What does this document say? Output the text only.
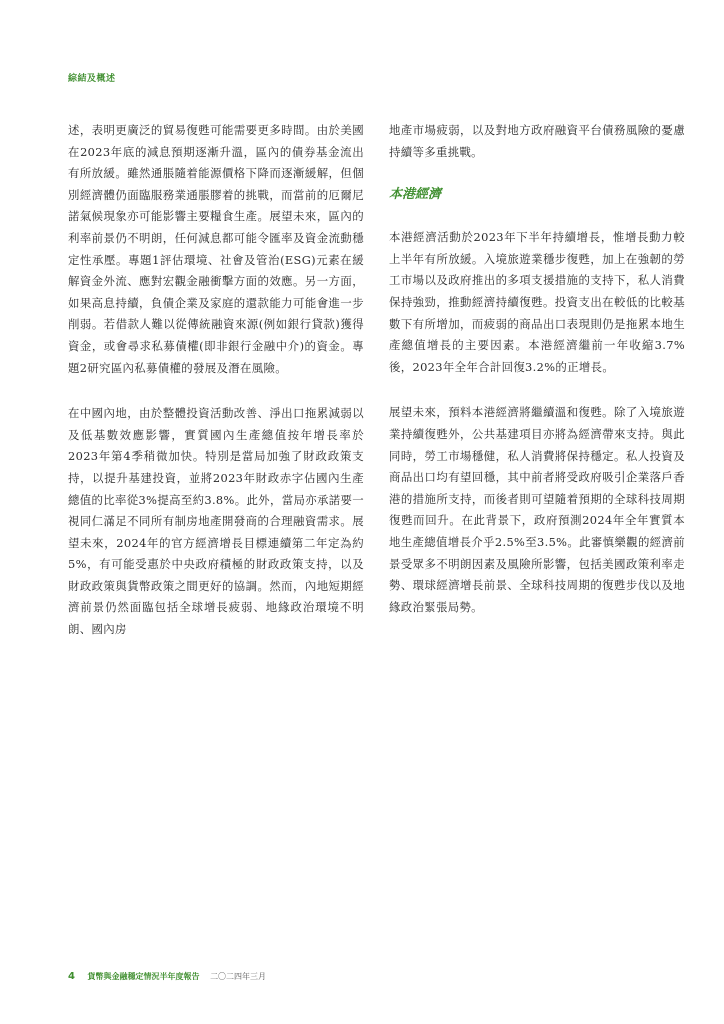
綜結及概述

述，表明更廣泛的貿易復甦可能需要更多時間。由於美國在2023年底的減息預期逐漸升溫，區內的債券基金流出有所放緩。雖然通脹隨着能源價格下降而逐漸緩解，但個別經濟體仍面臨服務業通脹膠着的挑戰，而當前的厄爾尼諾氣候現象亦可能影響主要糧食生產。展望未來，區內的利率前景仍不明朗，任何減息都可能令匯率及資金流動穩定性承壓。專題1評估環境、社會及管治(ESG)元素在緩解資金外流、應對宏觀金融衝擊方面的效應。另一方面，如果高息持續，負債企業及家庭的還款能力可能會進一步削弱。若借款人難以從傳統融資來源(例如銀行貸款)獲得資金，或會尋求私募債權(即非銀行金融中介)的資金。專題2研究區內私募債權的發展及潛在風險。

在中國內地，由於整體投資活動改善、淨出口拖累減弱以及低基數效應影響，實質國內生產總值按年增長率於2023年第4季稍微加快。特別是當局加強了財政政策支持，以提升基建投資，並將2023年財政赤字佔國內生產總值的比率從3%提高至約3.8%。此外，當局亦承諾要一視同仁滿足不同所有制房地產開發商的合理融資需求。展望未來，2024年的官方經濟增長目標連續第二年定為約5%，有可能受惠於中央政府積極的財政政策支持，以及財政政策與貨幣政策之間更好的協調。然而，內地短期經濟前景仍然面臨包括全球增長疲弱、地緣政治環境不明朗、國內房

地產市場疲弱，以及對地方政府融資平台債務風險的憂慮持續等多重挑戰。

本港經濟

本港經濟活動於2023年下半年持續增長，惟增長動力較上半年有所放緩。入境旅遊業穩步復甦，加上在強韌的勞工市場以及政府推出的多項支援措施的支持下，私人消費保持強勁，推動經濟持續復甦。投資支出在較低的比較基數下有所增加，而疲弱的商品出口表現則仍是拖累本地生產總值增長的主要因素。本港經濟繼前一年收縮3.7%後，2023年全年合計回復3.2%的正增長。

展望未來，預料本港經濟將繼續溫和復甦。除了入境旅遊業持續復甦外，公共基建項目亦將為經濟帶來支持。與此同時，勞工市場穩健，私人消費將保持穩定。私人投資及商品出口均有望回穩，其中前者將受政府吸引企業落戶香港的措施所支持，而後者則可望隨着預期的全球科技周期復甦而回升。在此背景下，政府預測2024年全年實質本地生產總值增長介乎2.5%至3.5%。此審慎樂觀的經濟前景受眾多不明朗因素及風險所影響，包括美國政策利率走勢、環球經濟增長前景、全球科技周期的復甦步伐以及地緣政治緊張局勢。

4 貨幣與金融穩定情況半年度報告 二〇二四年三月
